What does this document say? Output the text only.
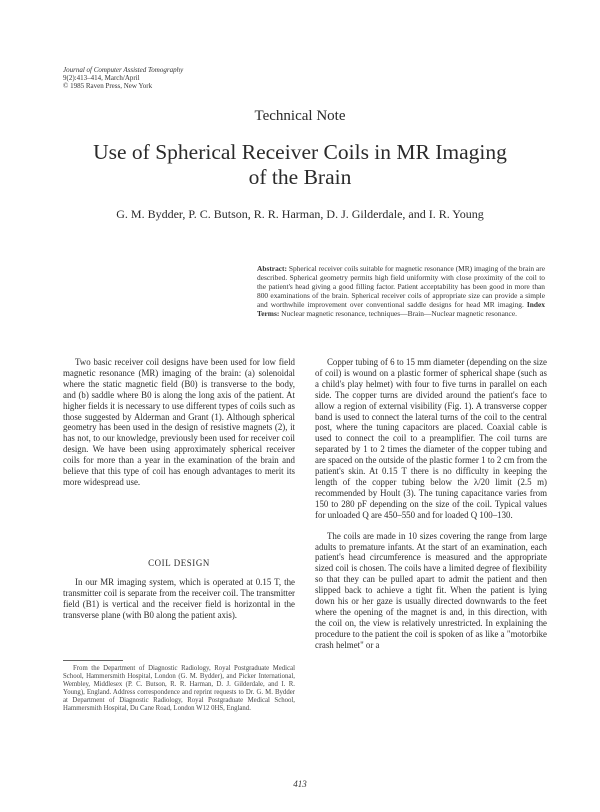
Journal of Computer Assisted Tomography
9(2):413–414, March/April
© 1985 Raven Press, New York
Technical Note
Use of Spherical Receiver Coils in MR Imaging
of the Brain
G. M. Bydder, P. C. Butson, R. R. Harman, D. J. Gilderdale, and I. R. Young
Abstract: Spherical receiver coils suitable for magnetic resonance (MR) imaging of the brain are described. Spherical geometry permits high field uniformity with close proximity of the coil to the patient's head giving a good filling factor. Patient acceptability has been good in more than 800 examinations of the brain. Spherical receiver coils of appropriate size can provide a simple and worthwhile improvement over conventional saddle designs for head MR imaging. Index Terms: Nuclear magnetic resonance, techniques—Brain—Nuclear magnetic resonance.

Two basic receiver coil designs have been used for low field magnetic resonance (MR) imaging of the brain: (a) solenoidal where the static magnetic field (B0) is transverse to the body, and (b) saddle where B0 is along the long axis of the patient. At higher fields it is necessary to use different types of coils such as those suggested by Alderman and Grant (1). Although spherical geometry has been used in the design of resistive magnets (2), it has not, to our knowledge, previously been used for receiver coil design. We have been using approximately spherical receiver coils for more than a year in the examination of the brain and believe that this type of coil has enough advantages to merit its more widespread use.

COIL DESIGN
In our MR imaging system, which is operated at 0.15 T, the transmitter coil is separate from the receiver coil. The transmitter field (B1) is vertical and the receiver field is horizontal in the transverse plane (with B0 along the patient axis).
From the Department of Diagnostic Radiology, Royal Postgraduate Medical School, Hammersmith Hospital, London (G. M. Bydder), and Picker International, Wembley, Middlesex (P. C. Butson, R. R. Harman, D. J. Gilderdale, and I. R. Young), England. Address correspondence and reprint requests to Dr. G. M. Bydder at Department of Diagnostic Radiology, Royal Postgraduate Medical School, Hammersmith Hospital, Du Cane Road, London W12 0HS, England.

Copper tubing of 6 to 15 mm diameter (depending on the size of coil) is wound on a plastic former of spherical shape (such as a child's play helmet) with four to five turns in parallel on each side. The copper turns are divided around the patient's face to allow a region of external visibility (Fig. 1). A transverse copper band is used to connect the lateral turns of the coil to the central post, where the tuning capacitors are placed. Coaxial cable is used to connect the coil to a preamplifier. The coil turns are separated by 1 to 2 times the diameter of the copper tubing and are spaced on the outside of the plastic former 1 to 2 cm from the patient's skin. At 0.15 T there is no difficulty in keeping the length of the copper tubing below the λ/20 limit (2.5 m) recommended by Hoult (3). The tuning capacitance varies from 150 to 280 pF depending on the size of the coil. Typical values for unloaded Q are 450–550 and for loaded Q 100–130.

The coils are made in 10 sizes covering the range from large adults to premature infants. At the start of an examination, each patient's head circumference is measured and the appropriate sized coil is chosen. The coils have a limited degree of flexibility so that they can be pulled apart to admit the patient and then slipped back to achieve a tight fit. When the patient is lying down his or her gaze is usually directed downwards to the feet where the opening of the magnet is and, in this direction, with the coil on, the view is relatively unrestricted. In explaining the procedure to the patient the coil is spoken of as like a "motorbike crash helmet" or a

413
